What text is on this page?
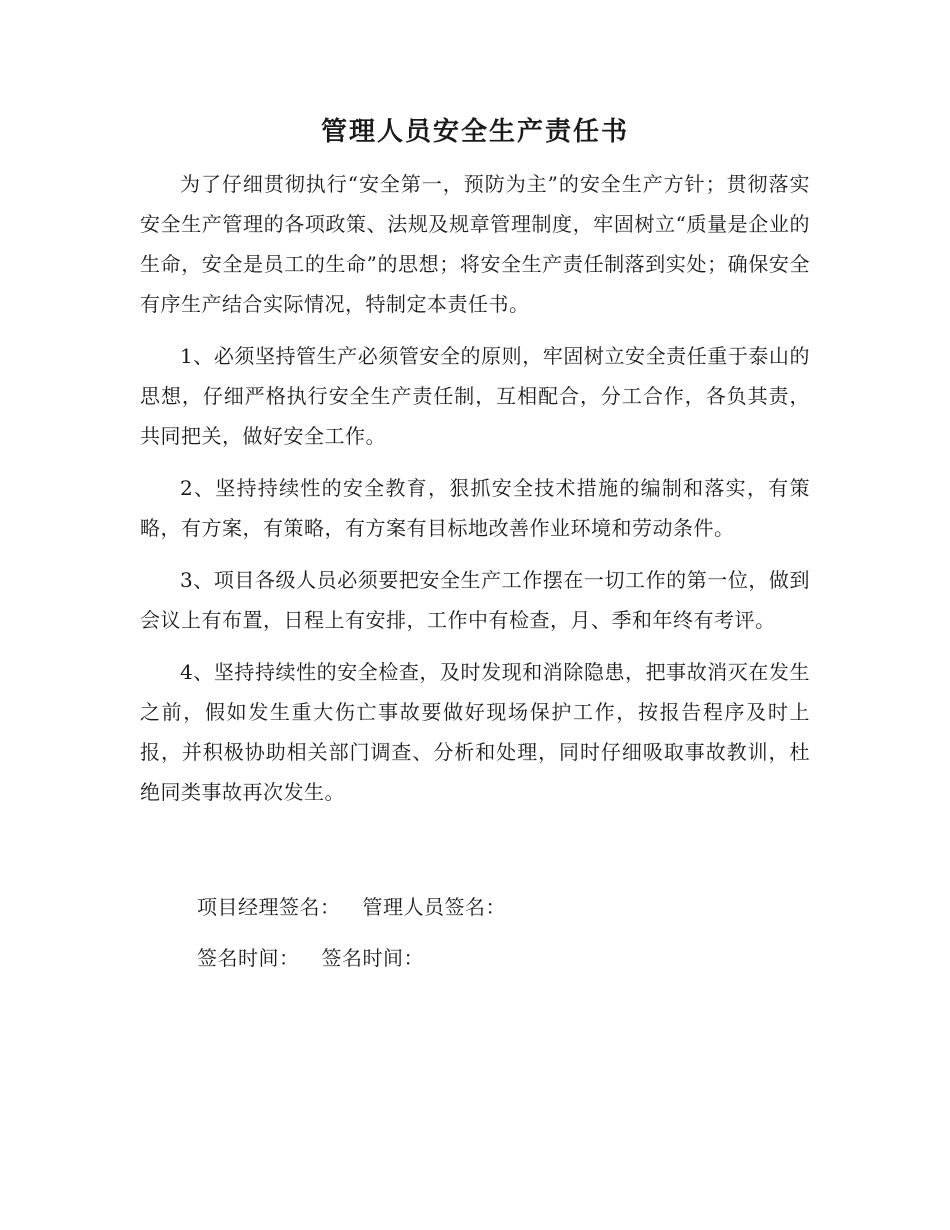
管理人员安全生产责任书

为了仔细贯彻执行“安全第一，预防为主”的安全生产方针；贯彻落实安全生产管理的各项政策、法规及规章管理制度，牢固树立“质量是企业的生命，安全是员工的生命”的思想；将安全生产责任制落到实处；确保安全有序生产结合实际情况，特制定本责任书。

1、必须坚持管生产必须管安全的原则，牢固树立安全责任重于泰山的思想，仔细严格执行安全生产责任制，互相配合，分工合作，各负其责，共同把关，做好安全工作。

2、坚持持续性的安全教育，狠抓安全技术措施的编制和落实，有策略，有方案，有策略，有方案有目标地改善作业环境和劳动条件。

3、项目各级人员必须要把安全生产工作摆在一切工作的第一位，做到会议上有布置，日程上有安排，工作中有检查，月、季和年终有考评。

4、坚持持续性的安全检查，及时发现和消除隐患，把事故消灭在发生之前，假如发生重大伤亡事故要做好现场保护工作，按报告程序及时上报，并积极协助相关部门调查、分析和处理，同时仔细吸取事故教训，杜绝同类事故再次发生。

项目经理签名： 管理人员签名：
签名时间： 签名时间：
